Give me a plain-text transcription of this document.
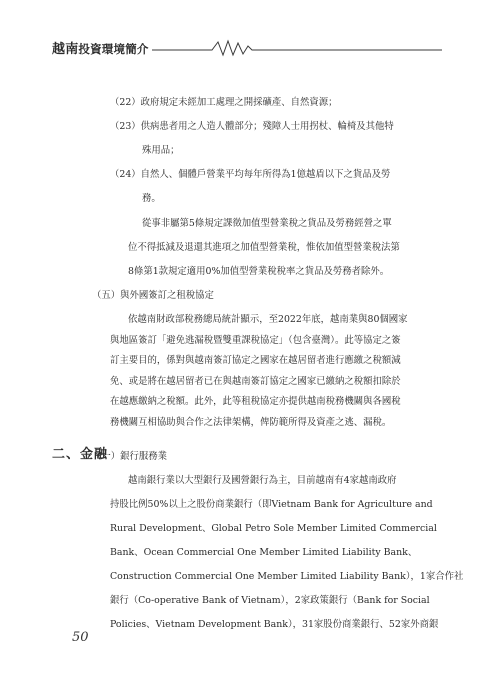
越南投資環境簡介
（22）政府規定未經加工處理之開採礦產、自然資源；
（23）供病患者用之人造人體部分；殘障人士用拐杖、輪椅及其他特
殊用品；
（24）自然人、個體戶營業平均每年所得為1億越盾以下之貨品及勞
務。
從事非屬第5條規定課徵加值型營業稅之貨品及勞務經營之單
位不得抵減及退還其進項之加值型營業稅，惟依加值型營業稅法第
8條第1款規定適用0%加值型營業稅稅率之貨品及勞務者除外。
（五）與外國簽訂之租稅協定
依越南財政部稅務總局統計顯示，至2022年底，越南業與80個國家
與地區簽訂「避免逃漏稅暨雙重課稅協定」（包含臺灣）。此等協定之簽
訂主要目的，係對與越南簽訂協定之國家在越居留者進行應繳之稅額減
免、或是將在越居留者已在與越南簽訂協定之國家已繳納之稅額扣除於
二、金融
（一）銀行服務業
越南銀行業以大型銀行及國營銀行為主，目前越南有4家越南政府
持股比例50%以上之股份商業銀行（即Vietnam Bank for Agriculture and
Rural Development、Global Petro Sole Member Limited Commercial
Bank、Ocean Commercial One Member Limited Liability Bank、
Construction Commercial One Member Limited Liability Bank），1家合作社
銀行（Co-operative Bank of Vietnam），2家政策銀行（Bank for Social
Policies、Vietnam Development Bank），31家股份商業銀行、52家外商銀
50
在越應繳納之稅額。此外，此等租稅協定亦提供越南稅務機關與各國稅
務機關互相協助與合作之法律架構，俾防範所得及資產之逃、漏稅。
